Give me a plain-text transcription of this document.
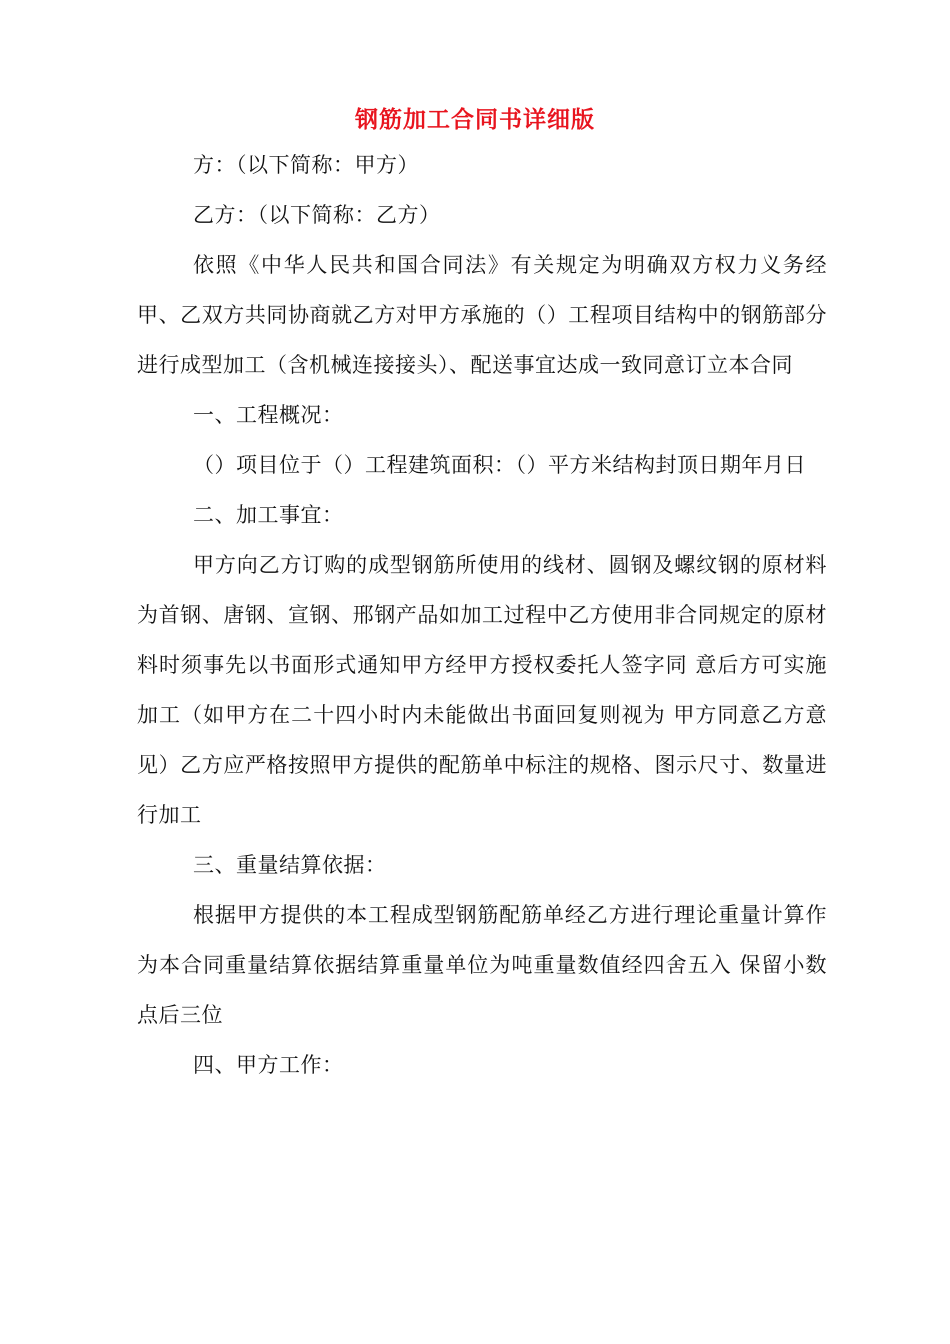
钢筋加工合同书详细版

方：（以下简称：甲方）

乙方：（以下简称：乙方）

依照《中华人民共和国合同法》有关规定为明确双方权力义务经甲、乙双方共同协商就乙方对甲方承施的（）工程项目结构中的钢筋部分进行成型加工（含机械连接接头）、配送事宜达成一致同意订立本合同

一、工程概况：

（）项目位于（）工程建筑面积：（）平方米结构封顶日期年月日

二、加工事宜：

甲方向乙方订购的成型钢筋所使用的线材、圆钢及螺纹钢的原材料为首钢、唐钢、宣钢、邢钢产品如加工过程中乙方使用非合同规定的原材料时须事先以书面形式通知甲方经甲方授权委托人签字同 意后方可实施加工（如甲方在二十四小时内未能做出书面回复则视为 甲方同意乙方意见）乙方应严格按照甲方提供的配筋单中标注的规格、图示尺寸、数量进行加工

三、重量结算依据：

根据甲方提供的本工程成型钢筋配筋单经乙方进行理论重量计算作为本合同重量结算依据结算重量单位为吨重量数值经四舍五入 保留小数点后三位

四、甲方工作：
